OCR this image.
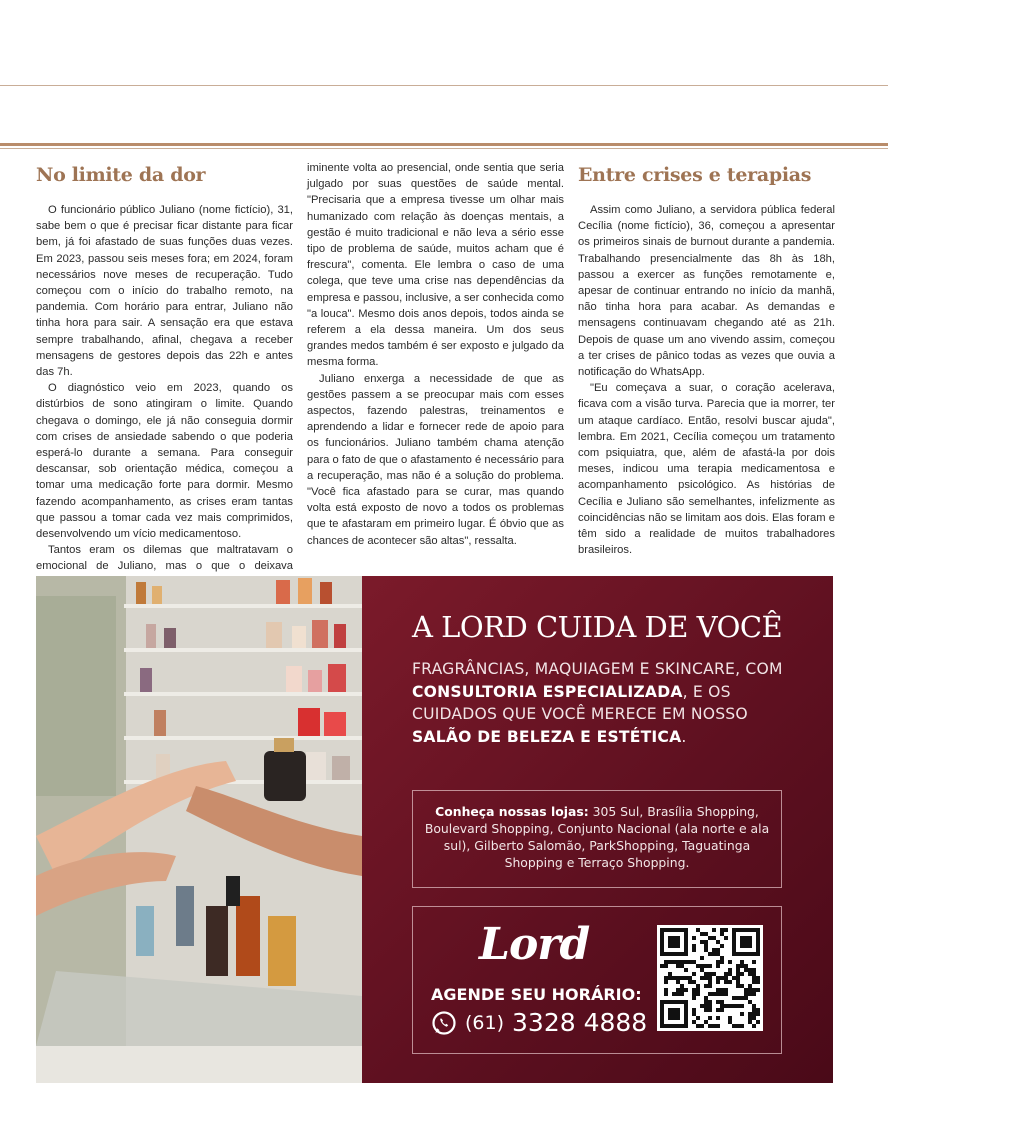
No limite da dor

O funcionário público Juliano (nome fictício), 31, sabe bem o que é precisar ficar distante para ficar bem, já foi afastado de suas funções duas vezes. Em 2023, passou seis meses fora; em 2024, foram necessários nove meses de recuperação. Tudo começou com o início do trabalho remoto, na pandemia. Com horário para entrar, Juliano não tinha hora para sair. A sensação era que estava sempre trabalhando, afinal, chegava a receber mensagens de gestores depois das 22h e antes das 7h.

O diagnóstico veio em 2023, quando os distúrbios de sono atingiram o limite. Quando chegava o domingo, ele já não conseguia dormir com crises de ansiedade sabendo o que poderia esperá-lo durante a semana. Para conseguir descansar, sob orientação médica, começou a tomar uma medicação forte para dormir. Mesmo fazendo acompanhamento, as crises eram tantas que passou a tomar cada vez mais comprimidos, desenvolvendo um vício medicamentoso.

Tantos eram os dilemas que maltratavam o emocional de Juliano, mas o que o deixava

iminente volta ao presencial, onde sentia que seria julgado por suas questões de saúde mental. "Precisaria que a empresa tivesse um olhar mais humanizado com relação às doenças mentais, a gestão é muito tradicional e não leva a sério esse tipo de problema de saúde, muitos acham que é frescura", comenta. Ele lembra o caso de uma colega, que teve uma crise nas dependências da empresa e passou, inclusive, a ser conhecida como "a louca". Mesmo dois anos depois, todos ainda se referem a ela dessa maneira. Um dos seus grandes medos também é ser exposto e julgado da mesma forma.

Juliano enxerga a necessidade de que as gestões passem a se preocupar mais com esses aspectos, fazendo palestras, treinamentos e aprendendo a lidar e fornecer rede de apoio para os funcionários. Juliano também chama atenção para o fato de que o afastamento é necessário para a recuperação, mas não é a solução do problema. "Você fica afastado para se curar, mas quando volta está exposto de novo a todos os problemas que te afastaram em primeiro lugar. É óbvio que as chances de acontecer são altas", ressalta.

Entre crises e terapias

Assim como Juliano, a servidora pública federal Cecília (nome fictício), 36, começou a apresentar os primeiros sinais de burnout durante a pandemia. Trabalhando presencialmente das 8h às 18h, passou a exercer as funções remotamente e, apesar de continuar entrando no início da manhã, não tinha hora para acabar. As demandas e mensagens continuavam chegando até as 21h. Depois de quase um ano vivendo assim, começou a ter crises de pânico todas as vezes que ouvia a notificação do WhatsApp.

"Eu começava a suar, o coração acelerava, ficava com a visão turva. Parecia que ia morrer, ter um ataque cardíaco. Então, resolvi buscar ajuda", lembra. Em 2021, Cecília começou um tratamento com psiquiatra, que, além de afastá-la por dois meses, indicou uma terapia medicamentosa e acompanhamento psicológico. As histórias de Cecília e Juliano são semelhantes, infelizmente as coincidências não se limitam aos dois. Elas foram e têm sido a realidade de muitos trabalhadores brasileiros.

A LORD CUIDA DE VOCÊ
FRAGRÂNCIAS, MAQUIAGEM E SKINCARE, COM CONSULTORIA ESPECIALIZADA, E OS CUIDADOS QUE VOCÊ MERECE EM NOSSO SALÃO DE BELEZA E ESTÉTICA.
Conheça nossas lojas: 305 Sul, Brasília Shopping, Boulevard Shopping, Conjunto Nacional (ala norte e ala sul), Gilberto Salomão, ParkShopping, Taguatinga Shopping e Terraço Shopping.
Lord
AGENDE SEU HORÁRIO:
(61) 3328 4888
